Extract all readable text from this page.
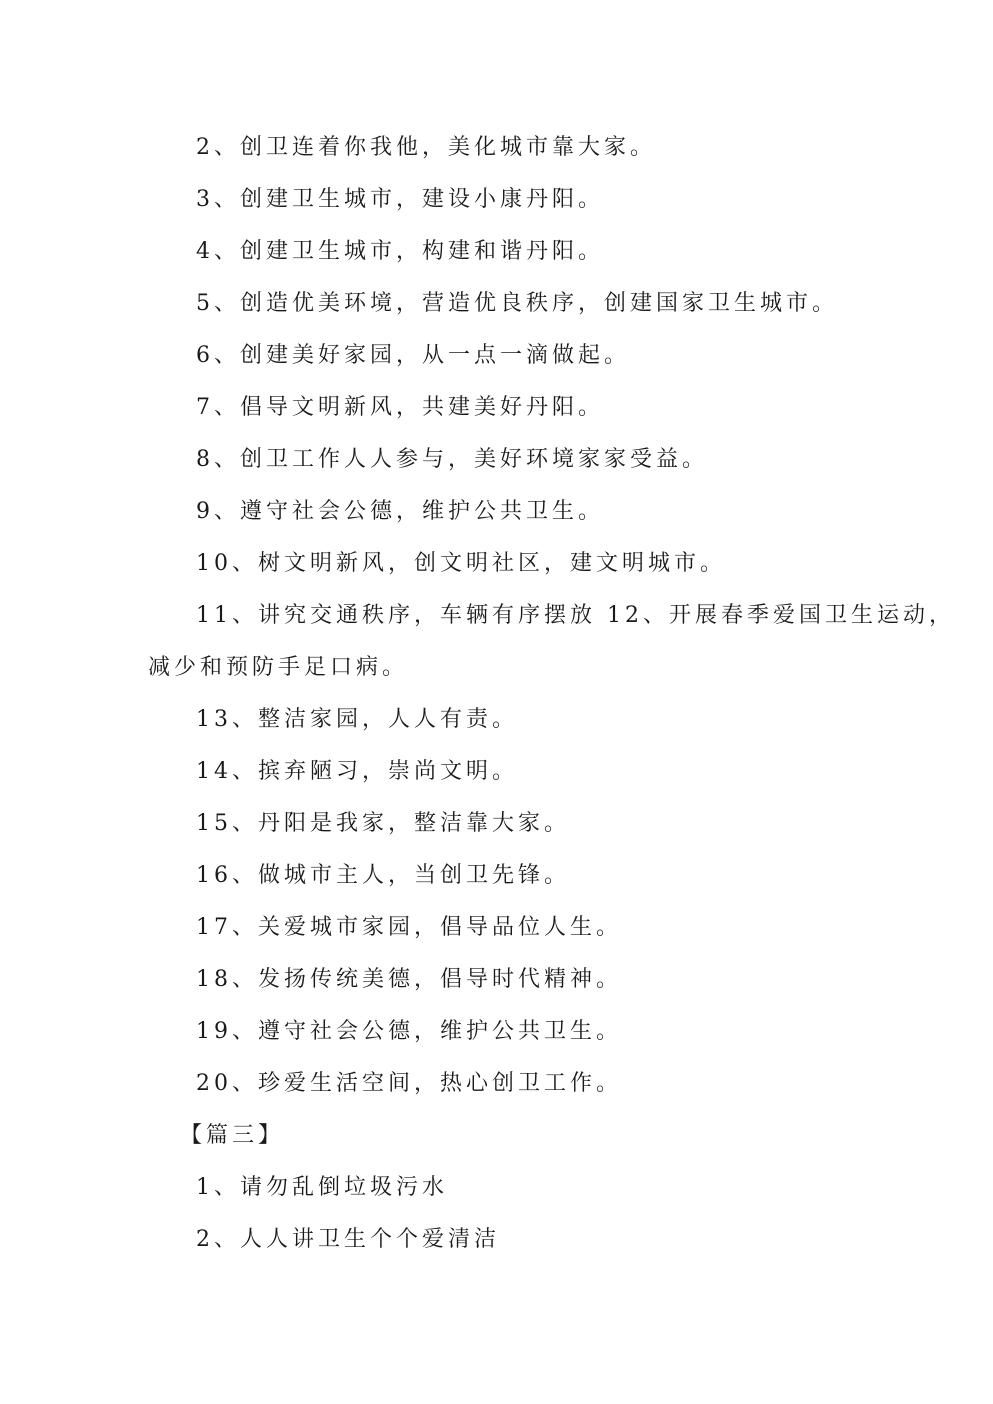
2、创卫连着你我他，美化城市靠大家。
3、创建卫生城市，建设小康丹阳。
4、创建卫生城市，构建和谐丹阳。
5、创造优美环境，营造优良秩序，创建国家卫生城市。
6、创建美好家园，从一点一滴做起。
7、倡导文明新风，共建美好丹阳。
8、创卫工作人人参与，美好环境家家受益。
9、遵守社会公德，维护公共卫生。
10、树文明新风，创文明社区，建文明城市。
11、讲究交通秩序，车辆有序摆放 12、开展春季爱国卫生运动，
减少和预防手足口病。
13、整洁家园，人人有责。
14、摈弃陋习，崇尚文明。
15、丹阳是我家，整洁靠大家。
16、做城市主人，当创卫先锋。
17、关爱城市家园，倡导品位人生。
18、发扬传统美德，倡导时代精神。
19、遵守社会公德，维护公共卫生。
20、珍爱生活空间，热心创卫工作。
【篇三】
1、请勿乱倒垃圾污水
2、人人讲卫生个个爱清洁
